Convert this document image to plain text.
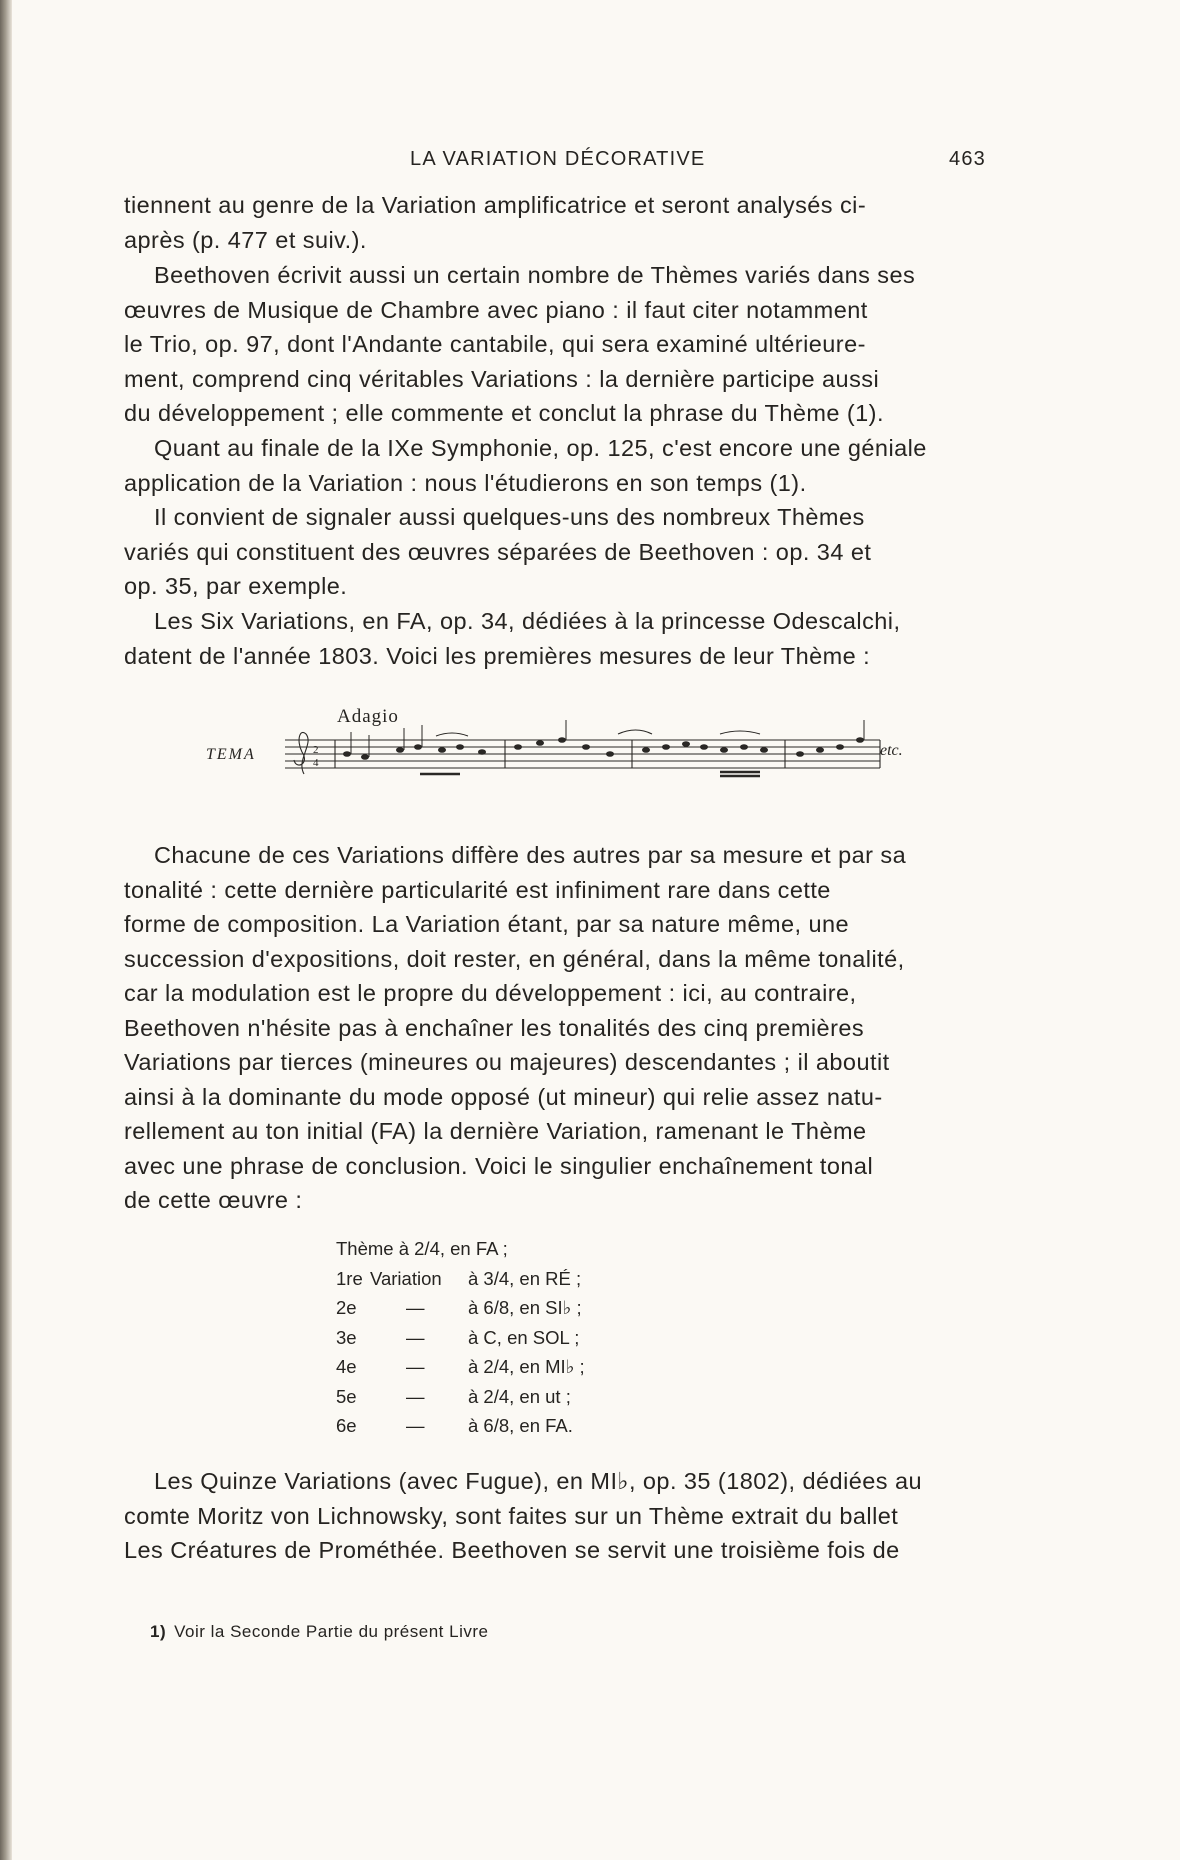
LA VARIATION DÉCORATIVE	463

tiennent au genre de la Variation amplificatrice et seront analysés ci-
après (p. 477 et suiv.).

Beethoven écrivit aussi un certain nombre de Thèmes variés dans ses
œuvres de Musique de Chambre avec piano : il faut citer notamment
le Trio, op. 97, dont l'Andante cantabile, qui sera examiné ultérieure-
ment, comprend cinq véritables Variations : la dernière participe aussi
du développement ; elle commente et conclut la phrase du Thème (1).

Quant au finale de la IXe Symphonie, op. 125, c'est encore une géniale
application de la Variation : nous l'étudierons en son temps (1).

Il convient de signaler aussi quelques-uns des nombreux Thèmes
variés qui constituent des œuvres séparées de Beethoven : op. 34 et
op. 35, par exemple.

Les Six Variations, en FA, op. 34, dédiées à la princesse Odescalchi,
datent de l'année 1803. Voici les premières mesures de leur Thème :

Adagio
TEMA	2
4
etc.

Chacune de ces Variations diffère des autres par sa mesure et par sa
tonalité : cette dernière particularité est infiniment rare dans cette
forme de composition. La Variation étant, par sa nature même, une
succession d'expositions, doit rester, en général, dans la même tonalité,
car la modulation est le propre du développement : ici, au contraire,
Beethoven n'hésite pas à enchaîner les tonalités des cinq premières
Variations par tierces (mineures ou majeures) descendantes ; il aboutit
ainsi à la dominante du mode opposé (ut mineur) qui relie assez natu-
rellement au ton initial (FA) la dernière Variation, ramenant le Thème
avec une phrase de conclusion. Voici le singulier enchaînement tonal
de cette œuvre :

Thème à 2/4, en FA ;
1re Variation à 3/4, en RÉ ;
2e	— à 6/8, en SI♭ ;
3e	— à C, en SOL ;
4e	— à 2/4, en MI♭ ;
5e	— à 2/4, en ut ;
6e	— à 6/8, en FA.

Les Quinze Variations (avec Fugue), en MI♭, op. 35 (1802), dédiées au
comte Moritz von Lichnowsky, sont faites sur un Thème extrait du ballet
Les Créatures de Prométhée. Beethoven se servit une troisième fois de

1) Voir la Seconde Partie du présent Livre
